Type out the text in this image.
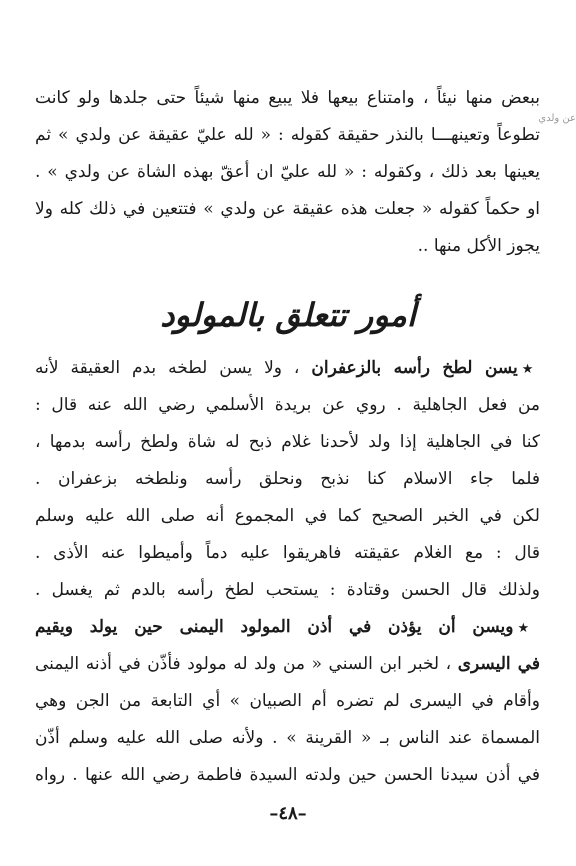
عن ولدي
ببعض منها نيئاً ، وامتناع بيعها فلا يبيع منها شيئاً حتى جلدها ولو كانت
تطوعاً وتعينهـــا بالنذر حقيقة كقوله : « لله عليّ عقيقة عن ولدي » ثم
يعينها بعد ذلك ، وكقوله : « لله عليّ ان أعقّ بهذه الشاة عن ولدي » .
او حكماً كقوله « جعلت هذه عقيقة عن ولدي » فتتعين في ذلك كله ولا
يجوز الأكل منها ..
أمور تتعلق بالمولود
★يسن لطخ رأسه بالزعفران ، ولا يسن لطخه بدم العقيقة لأنه
من فعل الجاهلية . روي عن بريدة الأسلمي رضي الله عنه قال :
كنا في الجاهلية إذا ولد لأحدنا غلام ذبح له شاة ولطخ رأسه بدمها ،
فلما جاء الاسلام كنا نذبح ونحلق رأسه ونلطخه بزعفران .
لكن في الخبر الصحيح كما في المجموع أنه صلى الله عليه وسلم
قال : مع الغلام عقيقته فاهريقوا عليه دماً وأميطوا عنه الأذى .
ولذلك قال الحسن وقتادة : يستحب لطخ رأسه بالدم ثم يغسل .
★ويسن أن يؤذن في أذن المولود اليمنى حين يولد ويقيم
في اليسرى ، لخبر ابن السني « من ولد له مولود فأذّن في أذنه اليمنى
وأقام في اليسرى لم تضره أم الصبيان » أي التابعة من الجن وهي
المسماة عند الناس بـ « القرينة » . ولأنه صلى الله عليه وسلم أذّن
في أذن سيدنا الحسن حين ولدته السيدة فاطمة رضي الله عنها . رواه
–٤٨–
